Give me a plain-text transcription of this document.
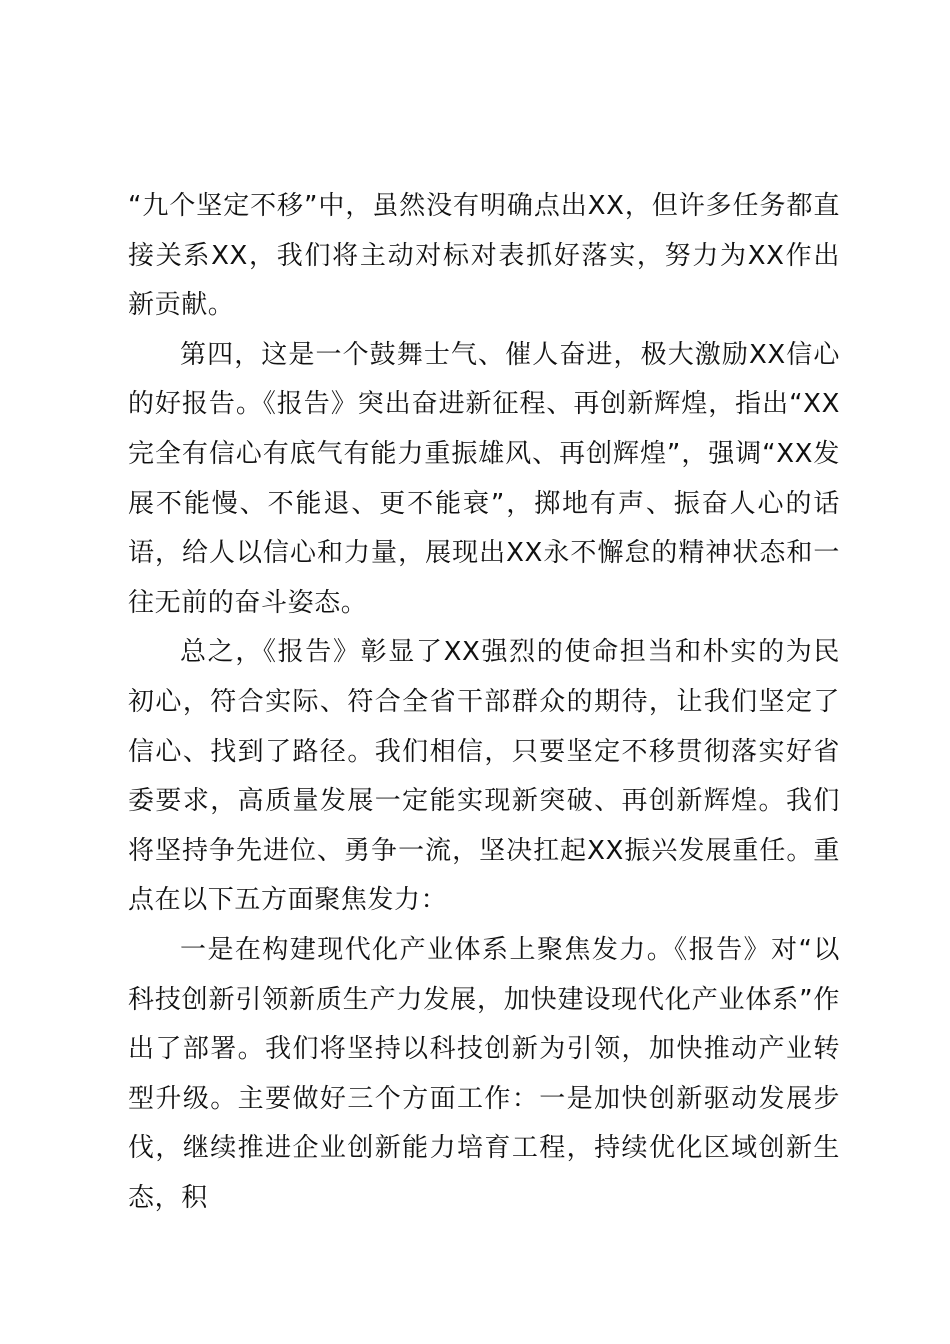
“九个坚定不移”中，虽然没有明确点出XX，但许多任务都直接关系XX，我们将主动对标对表抓好落实，努力为XX作出新贡献。

第四，这是一个鼓舞士气、催人奋进，极大激励XX信心的好报告。《报告》突出奋进新征程、再创新辉煌，指出“XX完全有信心有底气有能力重振雄风、再创辉煌”，强调“XX发展不能慢、不能退、更不能衰”，掷地有声、振奋人心的话语，给人以信心和力量，展现出XX永不懈怠的精神状态和一往无前的奋斗姿态。

总之，《报告》彰显了XX强烈的使命担当和朴实的为民初心，符合实际、符合全省干部群众的期待，让我们坚定了信心、找到了路径。我们相信，只要坚定不移贯彻落实好省委要求，高质量发展一定能实现新突破、再创新辉煌。我们将坚持争先进位、勇争一流，坚决扛起XX振兴发展重任。重点在以下五方面聚焦发力：

一是在构建现代化产业体系上聚焦发力。《报告》对“以科技创新引领新质生产力发展，加快建设现代化产业体系”作出了部署。我们将坚持以科技创新为引领，加快推动产业转型升级。主要做好三个方面工作：一是加快创新驱动发展步伐，继续推进企业创新能力培育工程，持续优化区域创新生态，积
